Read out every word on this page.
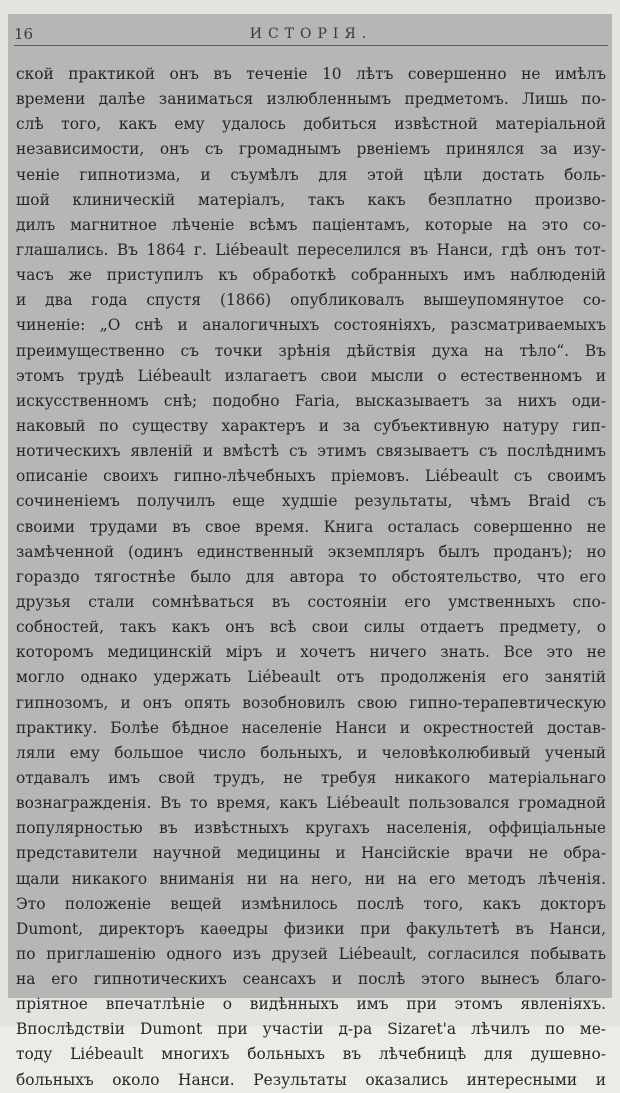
16	ИСТОРІЯ.
ской практикой онъ въ теченіе 10 лѣтъ совершенно не имѣлъ
времени далѣе заниматься излюбленнымъ предметомъ. Лишь по-
слѣ того, какъ ему удалось добиться извѣстной матеріальной
независимости, онъ съ громаднымъ рвеніемъ принялся за изу-
ченіе гипнотизма, и съумѣлъ для этой цѣли достать боль-
шой клиническій матеріалъ, такъ какъ безплатно произво-
дилъ магнитное лѣченіе всѣмъ паціентамъ, которые на это со-
глашались. Въ 1864 г. Liébeault переселился въ Нанси, гдѣ онъ тот-
часъ же приступилъ къ обработкѣ собранныхъ имъ наблюденій
и два года спустя (1866) опубликовалъ вышеупомянутое со-
чиненіе: „О снѣ и аналогичныхъ состояніяхъ, разсматриваемыхъ
преимущественно съ точки зрѣнія дѣйствія духа на тѣло“. Въ
этомъ трудѣ Liébeault излагаетъ свои мысли о естественномъ и
искусственномъ снѣ; подобно Faria, высказываетъ за нихъ оди-
наковый по существу характеръ и за субъективную натуру гип-
нотическихъ явленій и вмѣстѣ съ этимъ связываетъ съ послѣднимъ
описаніе своихъ гипно-лѣчебныхъ пріемовъ. Liébeault съ своимъ
сочиненіемъ получилъ еще худшіе результаты, чѣмъ Braid съ
своими трудами въ свое время. Книга осталась совершенно не
замѣченной (одинъ единственный экземпляръ былъ проданъ); но
гораздо тягостнѣе было для автора то обстоятельство, что его
друзья стали сомнѣваться въ состояніи его умственныхъ спо-
собностей, такъ какъ онъ всѣ свои силы отдаетъ предмету, о
которомъ медицинскій міръ и хочетъ ничего знать. Все это не
могло однако удержать Liébeault отъ продолженія его занятій
гипнозомъ, и онъ опять возобновилъ свою гипно-терапевтическую
практику. Болѣе бѣдное населеніе Нанси и окрестностей достав-
ляли ему большое число больныхъ, и человѣколюбивый ученый
отдавалъ имъ свой трудъ, не требуя никакого матеріальнаго
вознагражденія. Въ то время, какъ Liébeault пользовался громадной
популярностью въ извѣстныхъ кругахъ населенія, оффиціальные
представители научной медицины и Нансійскіе врачи не обра-
щали никакого вниманія ни на него, ни на его методъ лѣченія.
Это положеніе вещей измѣнилось послѣ того, какъ докторъ
Dumont, директоръ каѳедры физики при факультетѣ въ Нанси,
по приглашенію одного изъ друзей Liébeault, согласился побывать
на его гипнотическихъ сеансахъ и послѣ этого вынесъ благо-
пріятное впечатлѣніе о видѣнныхъ имъ при этомъ явленіяхъ.
Впослѣдствіи Dumont при участіи д-ра Sizaret'а лѣчилъ по ме-
тоду Liébeault многихъ больныхъ въ лѣчебницѣ для душевно-
больныхъ около Нанси. Результаты оказались интересными и
